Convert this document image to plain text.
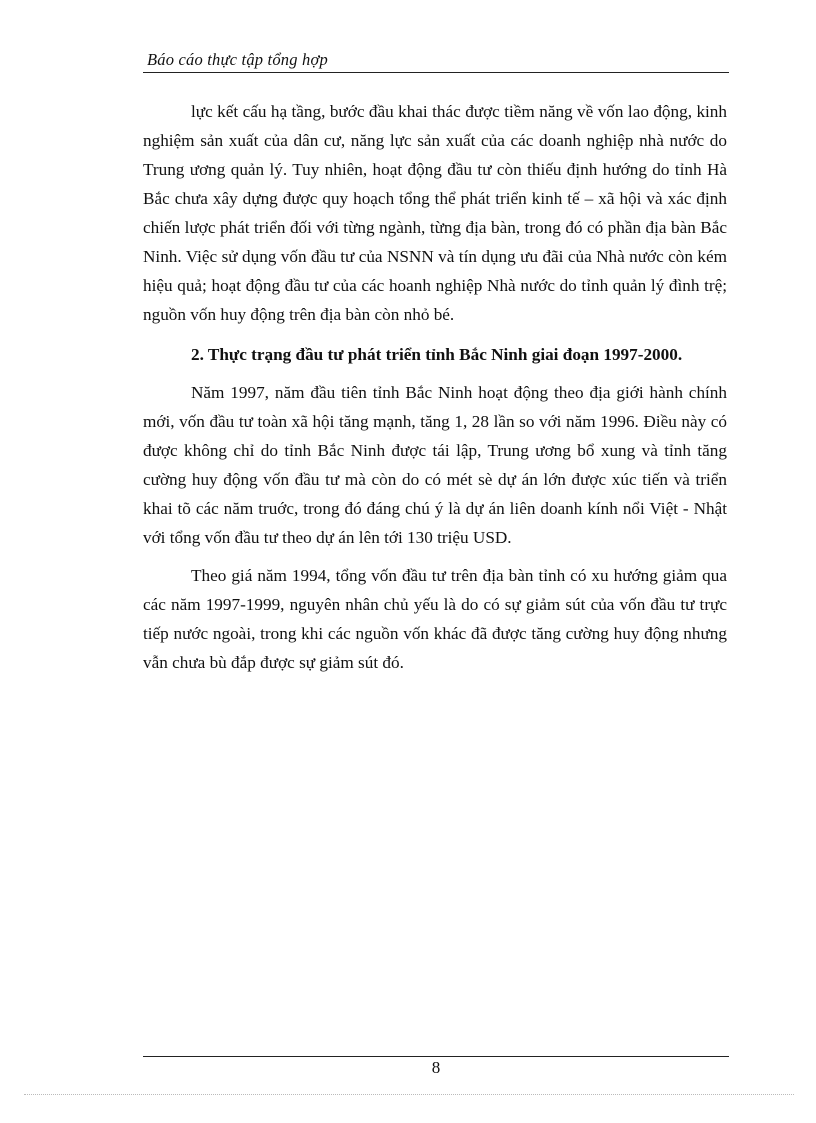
Báo cáo thực tập tổng hợp

lực kết cấu hạ tầng, bước đầu khai thác được tiềm năng về vốn lao động, kinh nghiệm sản xuất của dân cư, năng lực sản xuất của các doanh nghiệp nhà nước do Trung ương quản lý. Tuy nhiên, hoạt động đầu tư còn thiếu định hướng do tỉnh Hà Bắc chưa xây dựng được quy hoạch tổng thể phát triển kinh tế – xã hội và xác định chiến lược phát triển đối với từng ngành, từng địa bàn, trong đó có phần địa bàn Bắc Ninh. Việc sử dụng vốn đầu tư của NSNN và tín dụng ưu đãi của Nhà nước còn kém hiệu quả; hoạt động đầu tư của các hoanh nghiệp Nhà nước do tỉnh quản lý đình trệ; nguồn vốn huy động trên địa bàn còn nhỏ bé.

2. Thực trạng đầu tư phát triển tỉnh Bắc Ninh giai đoạn 1997-2000.

Năm 1997, năm đầu tiên tỉnh Bắc Ninh hoạt động theo địa giới hành chính mới, vốn đầu tư toàn xã hội tăng mạnh, tăng 1, 28 lần so với năm 1996. Điều này có được không chỉ do tỉnh Bắc Ninh được tái lập, Trung ương bổ xung và tỉnh tăng cường huy động vốn đầu tư mà còn do có mét sè dự án lớn được xúc tiến và triển khai tõ các năm truớc, trong đó đáng chú ý là dự án liên doanh kính nổi Việt - Nhật với tổng vốn đầu tư theo dự án lên tới 130 triệu USD.

Theo giá năm 1994, tổng vốn đầu tư trên địa bàn tỉnh có xu hướng giảm qua các năm 1997-1999, nguyên nhân chủ yếu là do có sự giảm sút của vốn đầu tư trực tiếp nước ngoài, trong khi các nguồn vốn khác đã được tăng cường huy động nhưng vẫn chưa bù đắp được sự giảm sút đó.

8
